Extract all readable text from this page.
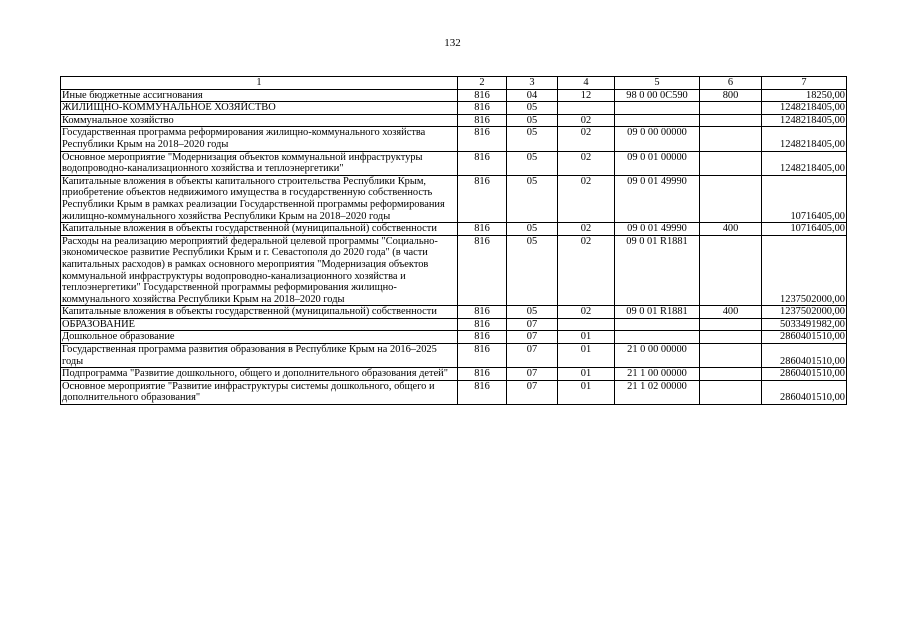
132
1	2	3	4	5	6	7
Иные бюджетные ассигнования	816	04	12	98 0 00 0С590	800	18250,00
ЖИЛИЩНО-КОММУНАЛЬНОЕ ХОЗЯЙСТВО	816	05				1248218405,00
Коммунальное хозяйство	816	05	02			1248218405,00
Государственная программа реформирования жилищно-коммунального хозяйства Республики Крым на 2018–2020 годы	816	05	02	09 0 00 00000		1248218405,00
Основное мероприятие "Модернизация объектов коммунальной инфраструктуры водопроводно-канализационного хозяйства и теплоэнергетики"	816	05	02	09 0 01 00000		1248218405,00
Капитальные вложения в объекты капитального строительства Республики Крым, приобретение объектов недвижимого имущества в государственную собственность Республики Крым в рамках реализации Государственной программы реформирования жилищно-коммунального хозяйства Республики Крым на 2018–2020 годы	816	05	02	09 0 01 49990		10716405,00
Капитальные вложения в объекты государственной (муниципальной) собственности	816	05	02	09 0 01 49990	400	10716405,00
Расходы на реализацию мероприятий федеральной целевой программы "Социально-экономическое развитие Республики Крым и г. Севастополя до 2020 года" (в части капитальных расходов) в рамках основного мероприятия "Модернизация объектов коммунальной инфраструктуры водопроводно-канализационного хозяйства и теплоэнергетики" Государственной программы реформирования жилищно-коммунального хозяйства Республики Крым на 2018–2020 годы	816	05	02	09 0 01 R1881		1237502000,00
Капитальные вложения в объекты государственной (муниципальной) собственности	816	05	02	09 0 01 R1881	400	1237502000,00
ОБРАЗОВАНИЕ	816	07				5033491982,00
Дошкольное образование	816	07	01			2860401510,00
Государственная программа развития образования в Республике Крым на 2016–2025 годы	816	07	01	21 0 00 00000		2860401510,00
Подпрограмма "Развитие дошкольного, общего и дополнительного образования детей"	816	07	01	21 1 00 00000		2860401510,00
Основное мероприятие "Развитие инфраструктуры системы дошкольного, общего и дополнительного образования"	816	07	01	21 1 02 00000		2860401510,00
